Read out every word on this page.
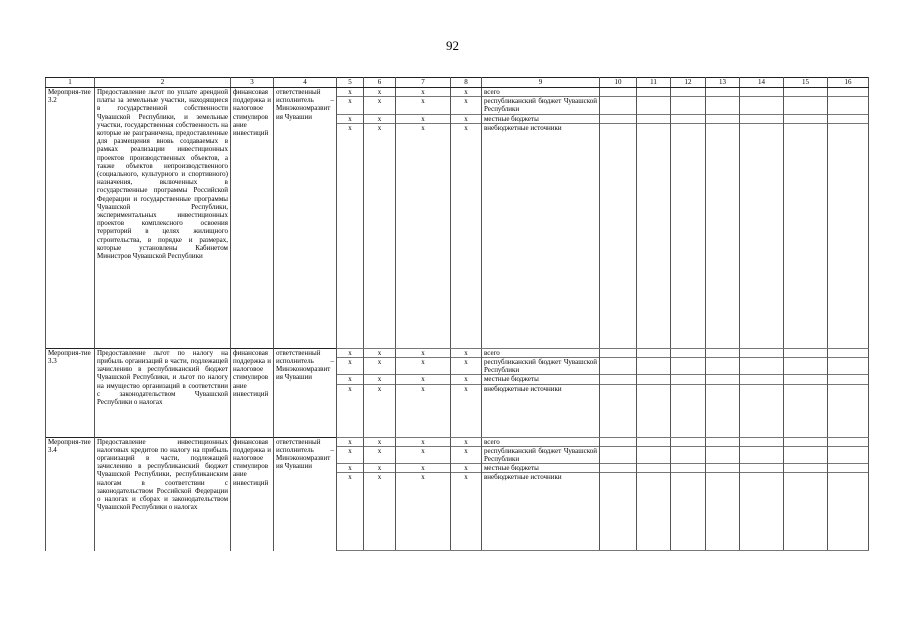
92
1	2	3	4	5	6	7	8	9	10	11	12	13	14	15	16
Мероприя-тие 3.2	Предоставление льгот по уплате арендной платы за земельные участки, находящиеся в государственной собственности Чувашской Республики, и земельные участки, государственная собственность на которые не разграничена, предоставленные для размещения вновь создаваемых в рамках реализации инвестиционных проектов производственных объектов, а также объектов непроизводственного (социального, культурного и спортивного) назначения, включенных в государственные программы Российской Федерации и государственные программы Чувашской Республики, экспериментальных инвестиционных проектов комплексного освоения территорий в целях жилищного строительства, в порядке и размерах, которые установлены Кабинетом Министров Чувашской Республики	финансовая поддержка и налоговое стимулирование инвестиций	ответственный исполнитель – Минэкономразвития Чувашии	x	x	x	x	всего							
				x	x	x	x	республиканский бюджет Чувашской Республики							
				x	x	x	x	местные бюджеты							
				x	x	x	x	внебюджетные источники							
Мероприя-тие 3.3	Предоставление льгот по налогу на прибыль организаций в части, подлежащей зачислению в республиканский бюджет Чувашской Республики, и льгот по налогу на имущество организаций в соответствии с законодательством Чувашской Республики о налогах	финансовая поддержка и налоговое стимулирование инвестиций	ответственный исполнитель – Минэкономразвития Чувашии	x	x	x	x	всего							
				x	x	x	x	республиканский бюджет Чувашской Республики							
				x	x	x	x	местные бюджеты							
				x	x	x	x	внебюджетные источники							
Мероприя-тие 3.4	Предоставление инвестиционных налоговых кредитов по налогу на прибыль организаций в части, подлежащей зачислению в республиканский бюджет Чувашской Республики, республиканским налогам в соответствии с законодательством Российской Федерации о налогах и сборах и законодательством Чувашской Республики о налогах	финансовая поддержка и налоговое стимулирование инвестиций	ответственный исполнитель – Минэкономразвития Чувашии	x	x	x	x	всего							
				x	x	x	x	республиканский бюджет Чувашской Республики							
				x	x	x	x	местные бюджеты							
				x	x	x	x	внебюджетные источники							
